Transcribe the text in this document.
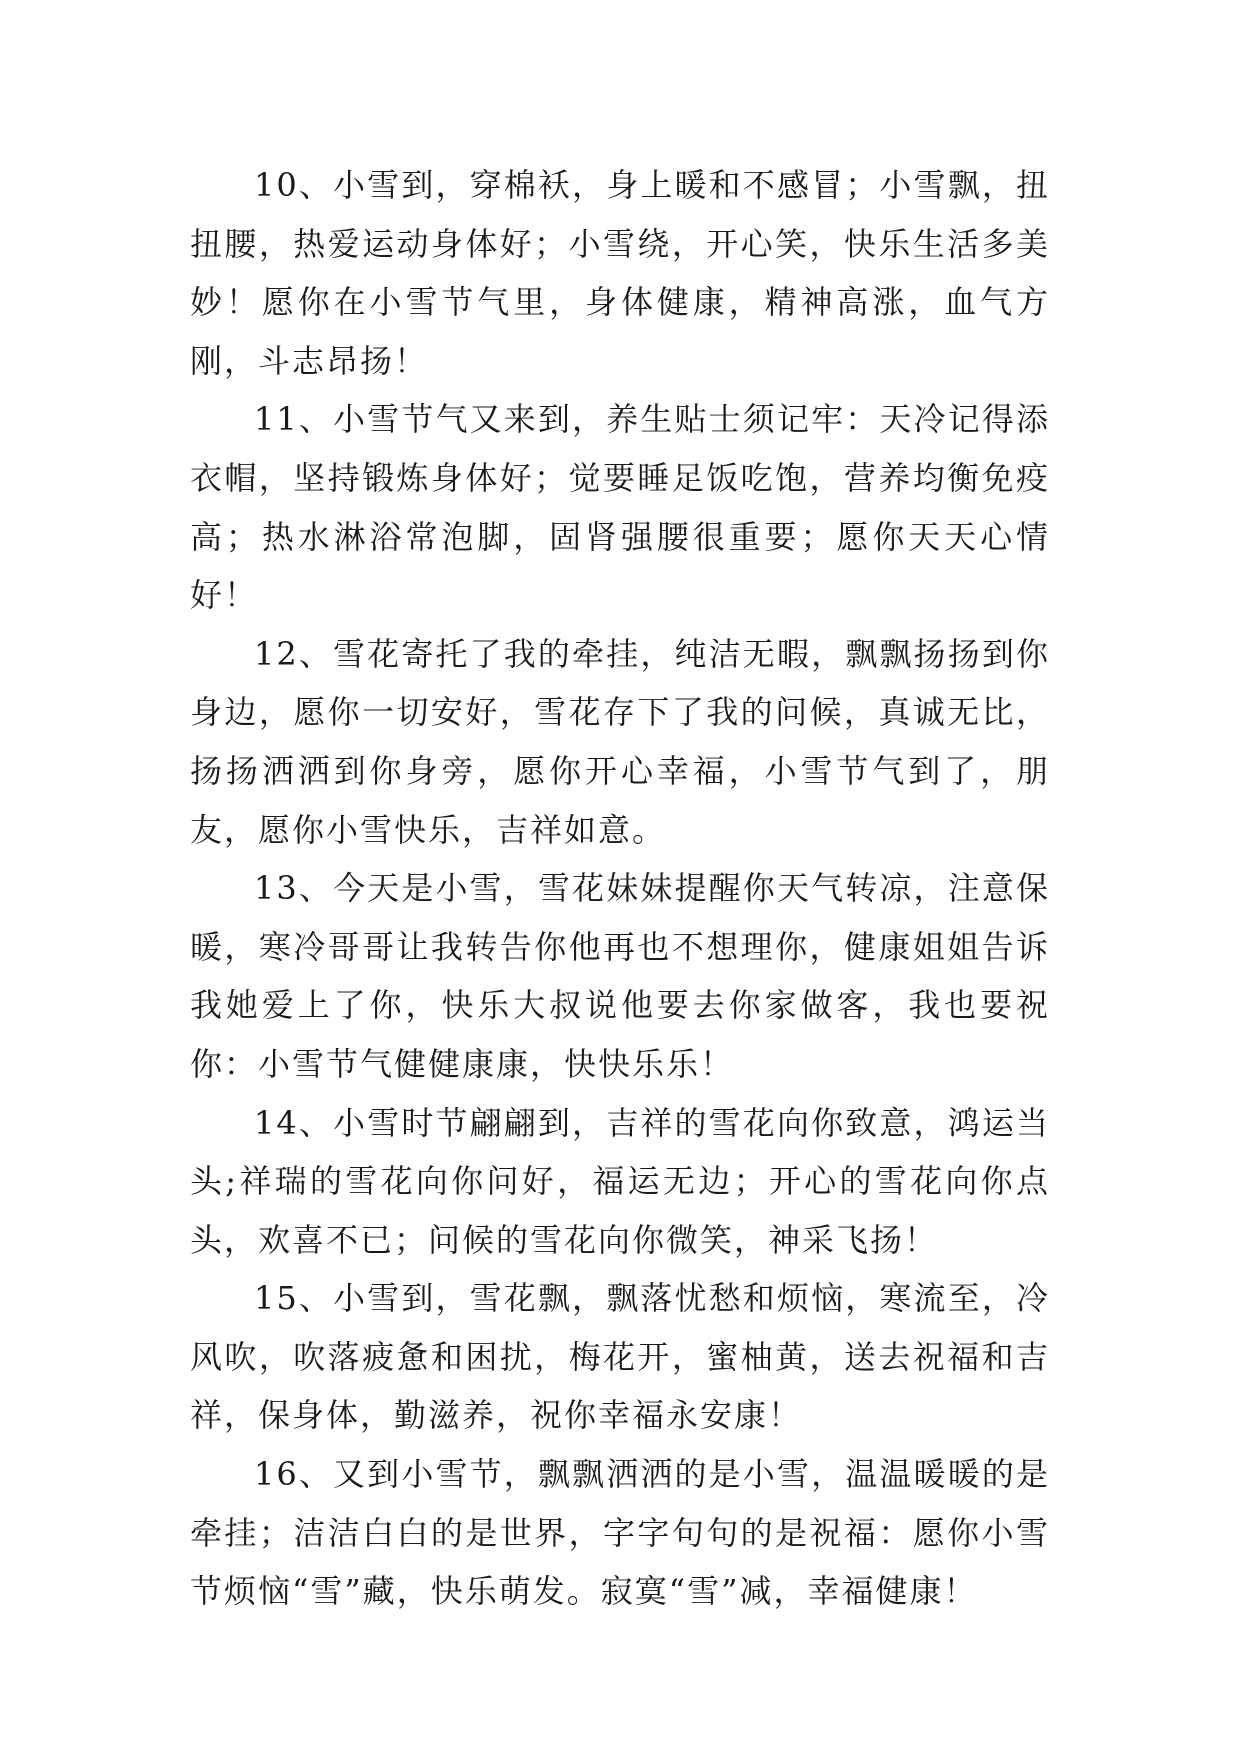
10、小雪到，穿棉袄，身上暖和不感冒；小雪飘，扭扭腰，热爱运动身体好；小雪绕，开心笑，快乐生活多美妙！愿你在小雪节气里，身体健康，精神高涨，血气方刚，斗志昂扬！

11、小雪节气又来到，养生贴士须记牢：天冷记得添衣帽，坚持锻炼身体好；觉要睡足饭吃饱，营养均衡免疫高；热水淋浴常泡脚，固肾强腰很重要；愿你天天心情好！

12、雪花寄托了我的牵挂，纯洁无暇，飘飘扬扬到你身边，愿你一切安好，雪花存下了我的问候，真诚无比，扬扬洒洒到你身旁，愿你开心幸福，小雪节气到了，朋友，愿你小雪快乐，吉祥如意。

13、今天是小雪，雪花妹妹提醒你天气转凉，注意保暖，寒冷哥哥让我转告你他再也不想理你，健康姐姐告诉我她爱上了你，快乐大叔说他要去你家做客，我也要祝你：小雪节气健健康康，快快乐乐！

14、小雪时节翩翩到，吉祥的雪花向你致意，鸿运当头;祥瑞的雪花向你问好，福运无边；开心的雪花向你点头，欢喜不已；问候的雪花向你微笑，神采飞扬！

15、小雪到，雪花飘，飘落忧愁和烦恼，寒流至，冷风吹，吹落疲惫和困扰，梅花开，蜜柚黄，送去祝福和吉祥，保身体，勤滋养，祝你幸福永安康！

16、又到小雪节，飘飘洒洒的是小雪，温温暖暖的是牵挂；洁洁白白的是世界，字字句句的是祝福：愿你小雪节烦恼“雪”藏，快乐萌发。寂寞“雪”减，幸福健康！
